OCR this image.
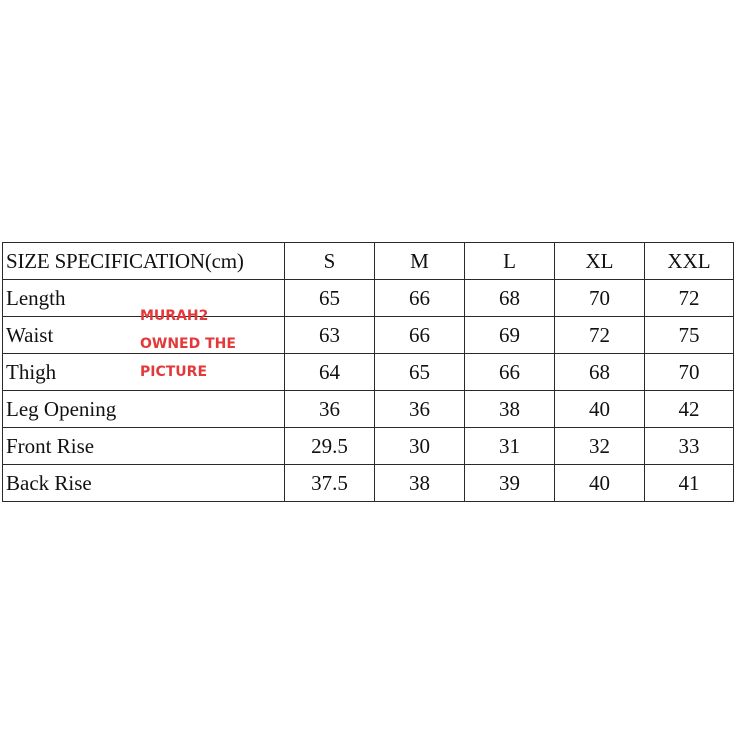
SIZE SPECIFICATION(cm)	S	M	L	XL	XXL
Length	65	66	68	70	72
Waist	63	66	69	72	75
Thigh	64	65	66	68	70
Leg Opening	36	36	38	40	42
Front Rise	29.5	30	31	32	33
Back Rise	37.5	38	39	40	41
MURAH2
OWNED THE
PICTURE
